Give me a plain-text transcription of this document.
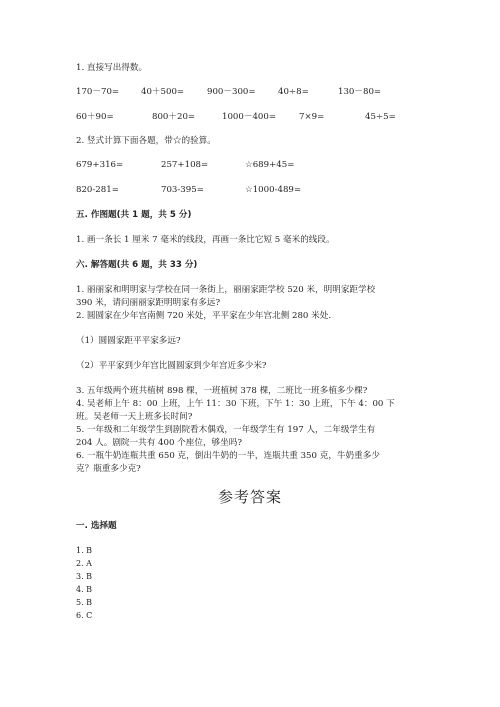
1. 直接写出得数。
170－70=	40＋500=	900－300=	40÷8=	130－80=
60＋90=	800＋20=	1000－400=	7×9=	45÷5=
2. 竖式计算下面各题，带☆的验算。
679+316=	257+108=	☆689+45=
820-281=	703-395=	☆1000-489=
五. 作图题(共 1 题，共 5 分)
1. 画一条长 1 厘米 7 毫米的线段，再画一条比它短 5 毫米的线段。
六. 解答题(共 6 题，共 33 分)
1. 丽丽家和明明家与学校在同一条街上，丽丽家距学校 520 米，明明家距学校
390 米，请问丽丽家距明明家有多远?
2. 圆圆家在少年宫南侧 720 米处，平平家在少年宫北侧 280 米处.
（1）圆圆家距平平家多远?
（2）平平家到少年宫比圆圆家到少年宫近多少米?
3. 五年级两个班共植树 898 棵，一班植树 378 棵，二班比一班多植多少棵?
4. 吴老师上午 8：00 上班，上午 11：30 下班，下午 1：30 上班，下午 4：00 下
班。吴老师一天上班多长时间?
5. 一年级和二年级学生到剧院看木偶戏，一年级学生有 197 人，二年级学生有
204 人。剧院一共有 400 个座位，够坐吗?
6. 一瓶牛奶连瓶共重 650 克，倒出牛奶的一半，连瓶共重 350 克，牛奶重多少
克？瓶重多少克?
参考答案
一. 选择题
1. B
2. A
3. B
4. B
5. B
6. C
